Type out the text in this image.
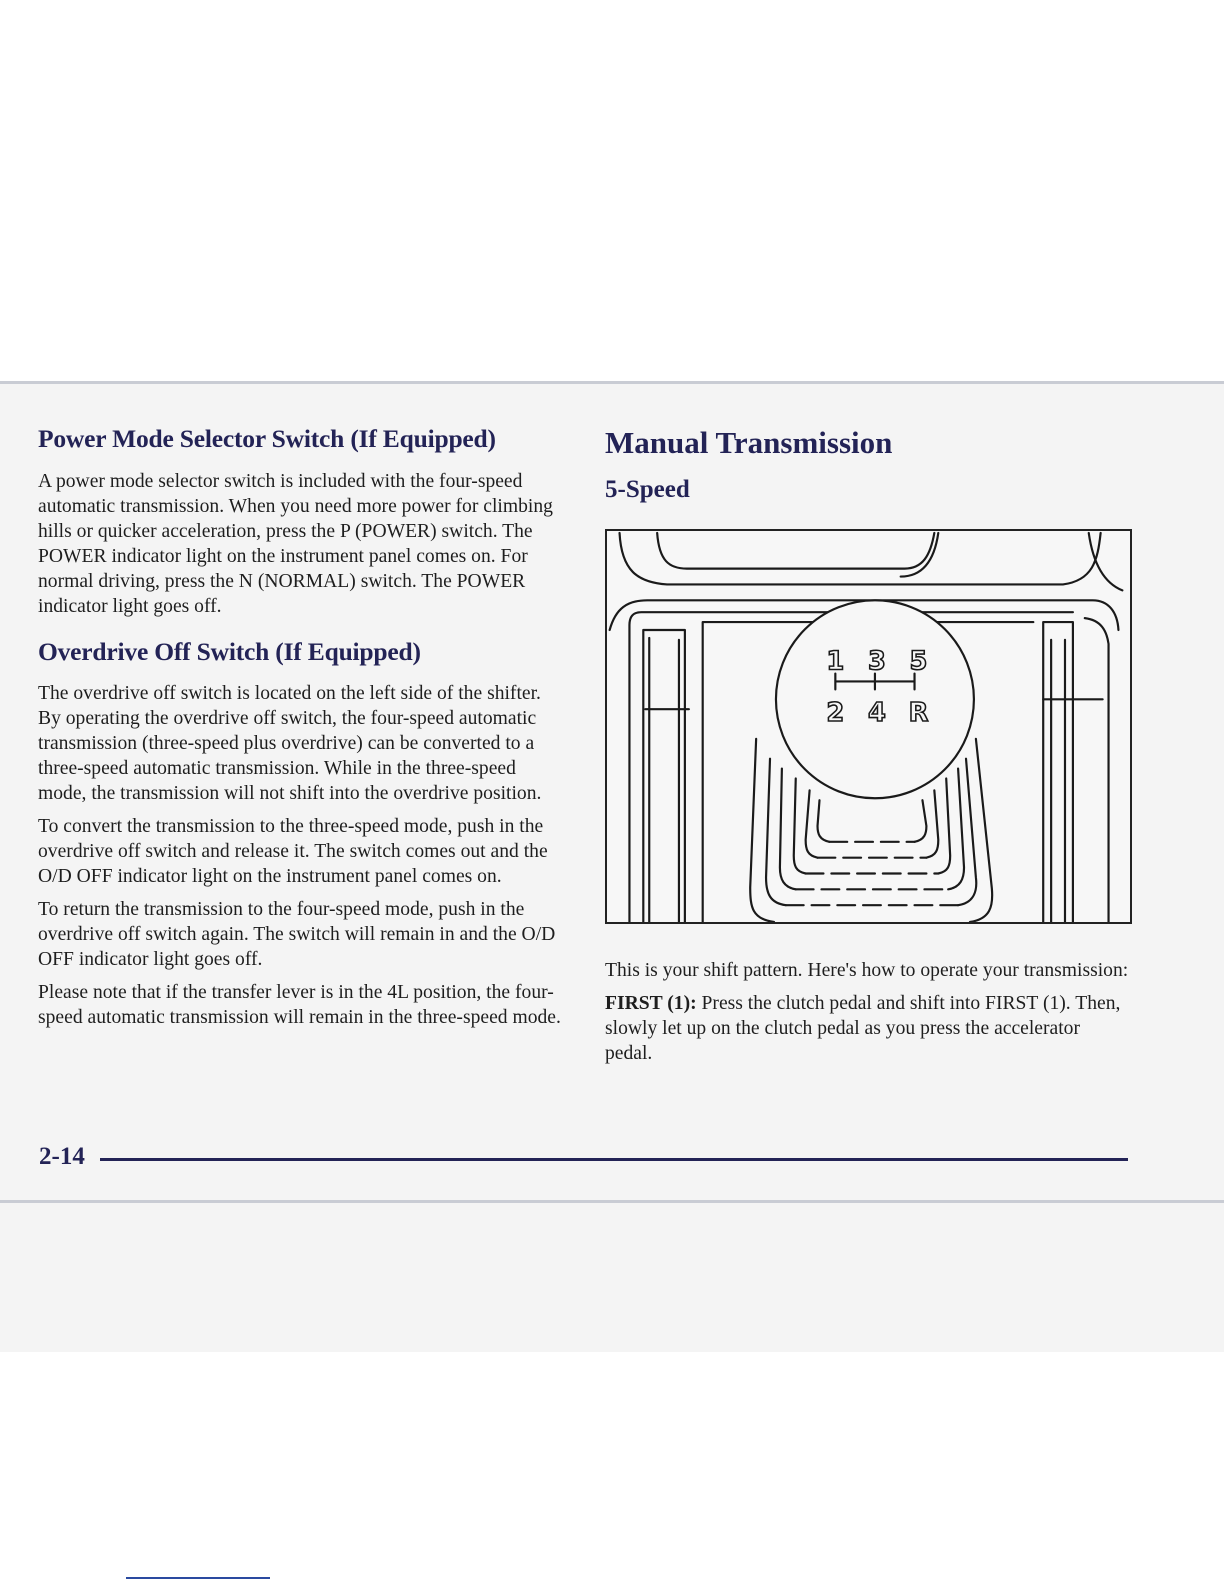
Power Mode Selector Switch (If Equipped)

A power mode selector switch is included with the four-speed automatic transmission. When you need more power for climbing hills or quicker acceleration, press the P (POWER) switch. The POWER indicator light on the instrument panel comes on. For normal driving, press the N (NORMAL) switch. The POWER indicator light goes off.

Overdrive Off Switch (If Equipped)

The overdrive off switch is located on the left side of the shifter. By operating the overdrive off switch, the four-speed automatic transmission (three-speed plus overdrive) can be converted to a three-speed automatic transmission. While in the three-speed mode, the transmission will not shift into the overdrive position.

To convert the transmission to the three-speed mode, push in the overdrive off switch and release it. The switch comes out and the O/D OFF indicator light on the instrument panel comes on.

To return the transmission to the four-speed mode, push in the overdrive off switch again. The switch will remain in and the O/D OFF indicator light goes off.

Please note that if the transfer lever is in the 4L position, the four-speed automatic transmission will remain in the three-speed mode.

Manual Transmission
5-Speed
1 3 5
2 4 R

This is your shift pattern. Here's how to operate your transmission:

FIRST (1): Press the clutch pedal and shift into FIRST (1). Then, slowly let up on the clutch pedal as you press the accelerator pedal.

2-14
